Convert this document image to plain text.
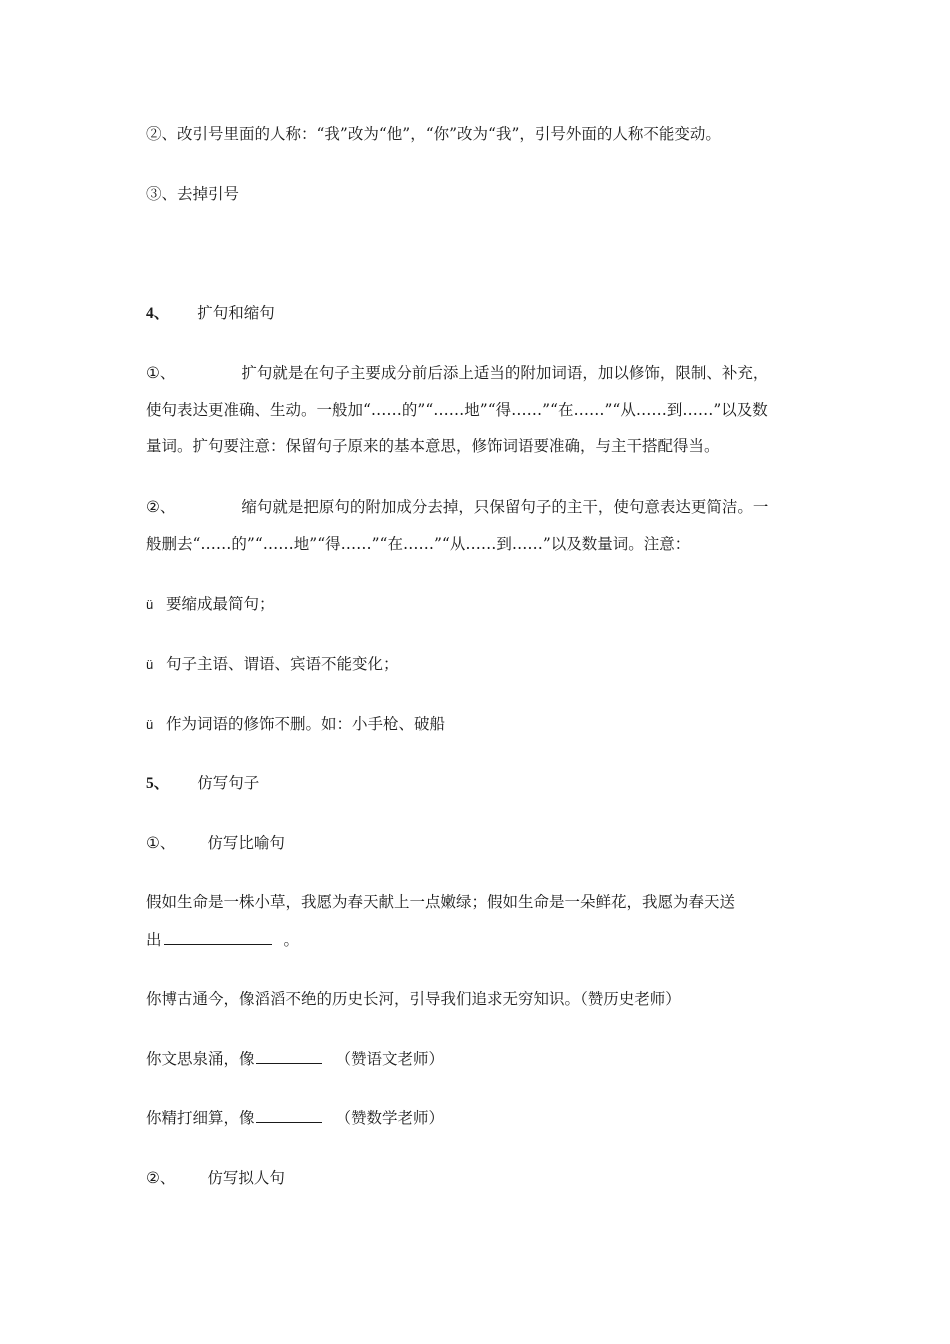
②、改引号里面的人称：“我”改为“他”，“你”改为“我”，引号外面的人称不能变动。
③、去掉引号
4、 扩句和缩句
①、	扩句就是在句子主要成分前后添上适当的附加词语，加以修饰，限制、补充，
使句表达更准确、生动。一般加“……的”“……地”“得……”“在……”“从……到……”以及数
量词。扩句要注意：保留句子原来的基本意思，修饰词语要准确，与主干搭配得当。
②、	缩句就是把原句的附加成分去掉，只保留句子的主干，使句意表达更简洁。一
般删去“……的”“……地”“得……”“在……”“从……到……”以及数量词。注意：
ü 要缩成最简句；
ü 句子主语、谓语、宾语不能变化；
ü 作为词语的修饰不删。如：小手枪、破船
5、 仿写句子
①、 仿写比喻句
假如生命是一株小草，我愿为春天献上一点嫩绿；假如生命是一朵鲜花，我愿为春天送
出	。
你博古通今，像滔滔不绝的历史长河，引导我们追求无穷知识。（赞历史老师）
你文思泉涌，像	（赞语文老师）
你精打细算，像	（赞数学老师）
②、 仿写拟人句
